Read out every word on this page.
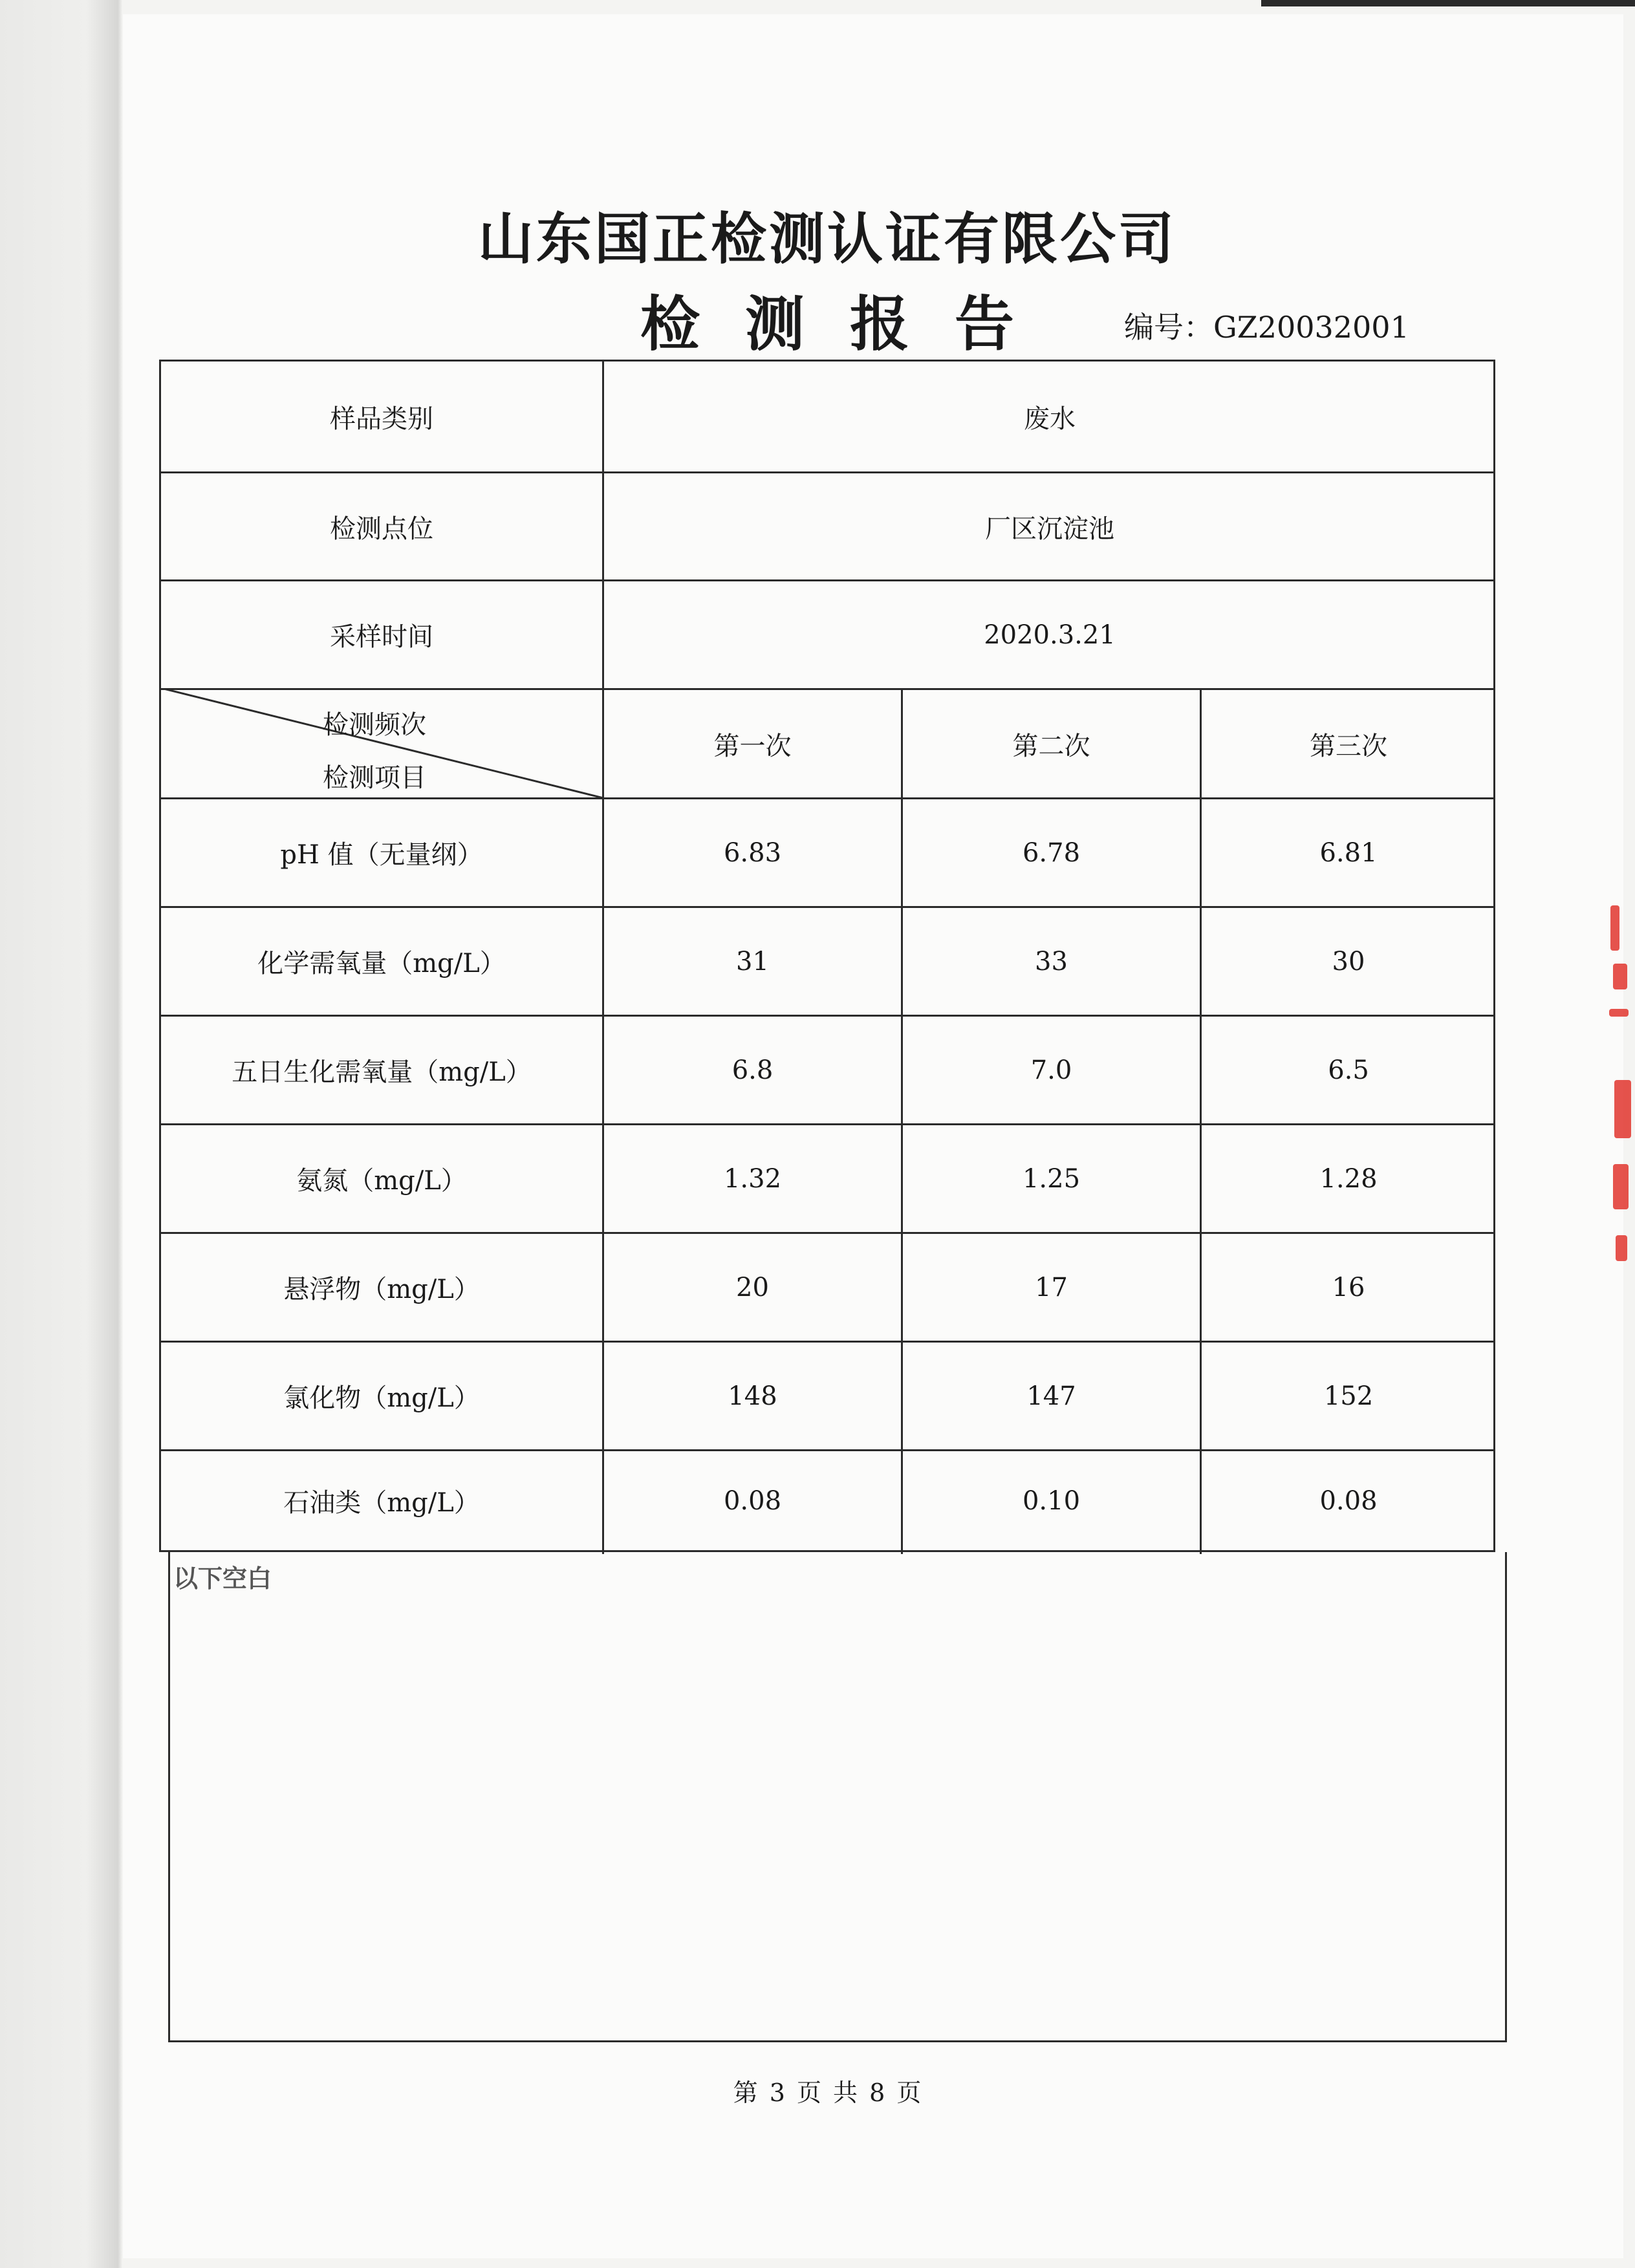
山东国正检测认证有限公司
检测报告 编号：GZ20032001
样品类别	废水
检测点位	厂区沉淀池
采样时间	2020.3.21
检测频次
检测项目
第一次	第二次	第三次
pH 值（无量纲）	6.83	6.78	6.81
化学需氧量（mg/L）	31	33	30
五日生化需氧量（mg/L）	6.8	7.0	6.5
氨氮（mg/L）	1.32	1.25	1.28
悬浮物（mg/L）	20	17	16
氯化物（mg/L）	148	147	152
石油类（mg/L）	0.08	0.10	0.08
以下空白
第 3 页 共 8 页
